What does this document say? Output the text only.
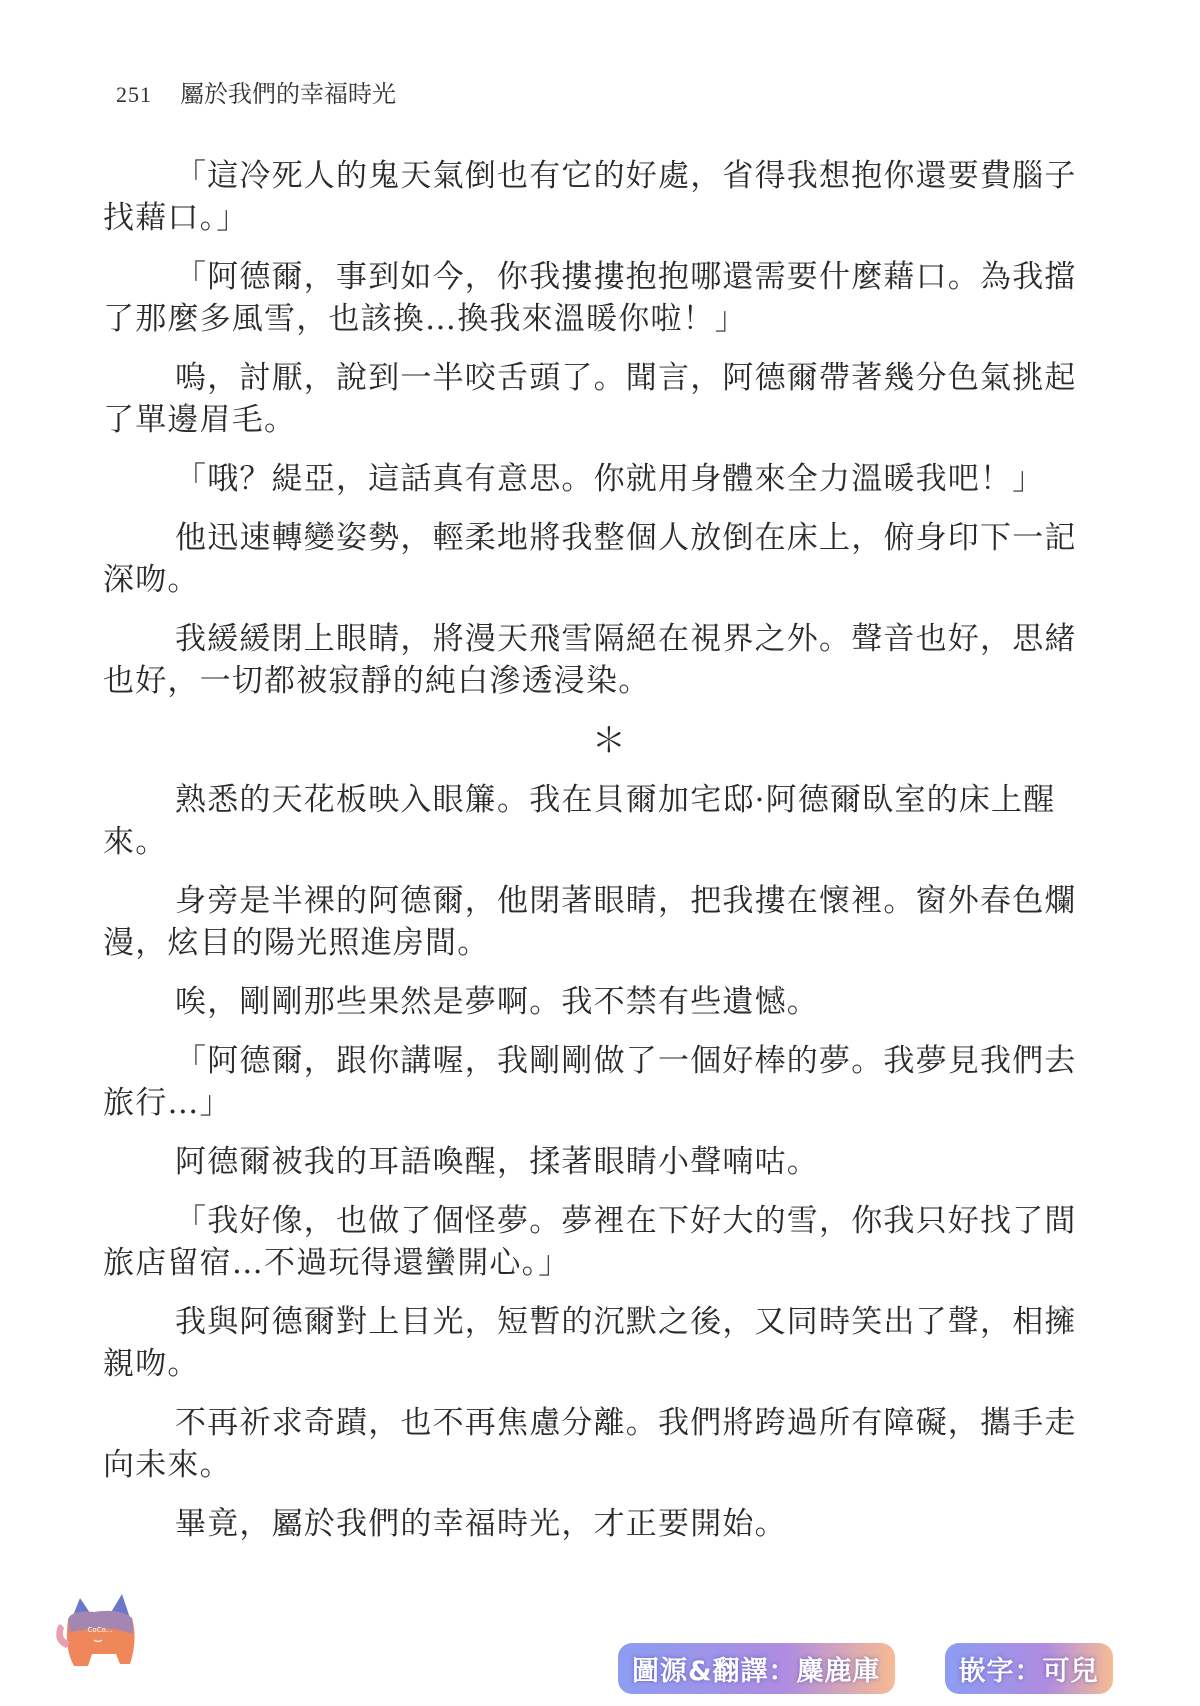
251 屬於我們的幸福時光

「這冷死人的鬼天氣倒也有它的好處，省得我想抱你還要費腦子找藉口。」

「阿德爾，事到如今，你我摟摟抱抱哪還需要什麼藉口。為我擋了那麼多風雪，也該換…換我來溫暖你啦！」

嗚，討厭，說到一半咬舌頭了。聞言，阿德爾帶著幾分色氣挑起了單邊眉毛。

「哦？緹亞，這話真有意思。你就用身體來全力溫暖我吧！」

他迅速轉變姿勢，輕柔地將我整個人放倒在床上，俯身印下一記深吻。

我緩緩閉上眼睛，將漫天飛雪隔絕在視界之外。聲音也好，思緒也好，一切都被寂靜的純白滲透浸染。

＊

熟悉的天花板映入眼簾。我在貝爾加宅邸·阿德爾臥室的床上醒來。

身旁是半裸的阿德爾，他閉著眼睛，把我摟在懷裡。窗外春色爛漫，炫目的陽光照進房間。

唉，剛剛那些果然是夢啊。我不禁有些遺憾。

「阿德爾，跟你講喔，我剛剛做了一個好棒的夢。我夢見我們去旅行…」

阿德爾被我的耳語喚醒，揉著眼睛小聲喃咕。

「我好像，也做了個怪夢。夢裡在下好大的雪，你我只好找了間旅店留宿…不過玩得還蠻開心。」

我與阿德爾對上目光，短暫的沉默之後，又同時笑出了聲，相擁親吻。

不再祈求奇蹟，也不再焦慮分離。我們將跨過所有障礙，攜手走向未來。

畢竟，屬於我們的幸福時光，才正要開始。

CoCo...
圖源&翻譯：麋鹿庫	嵌字：可兒
